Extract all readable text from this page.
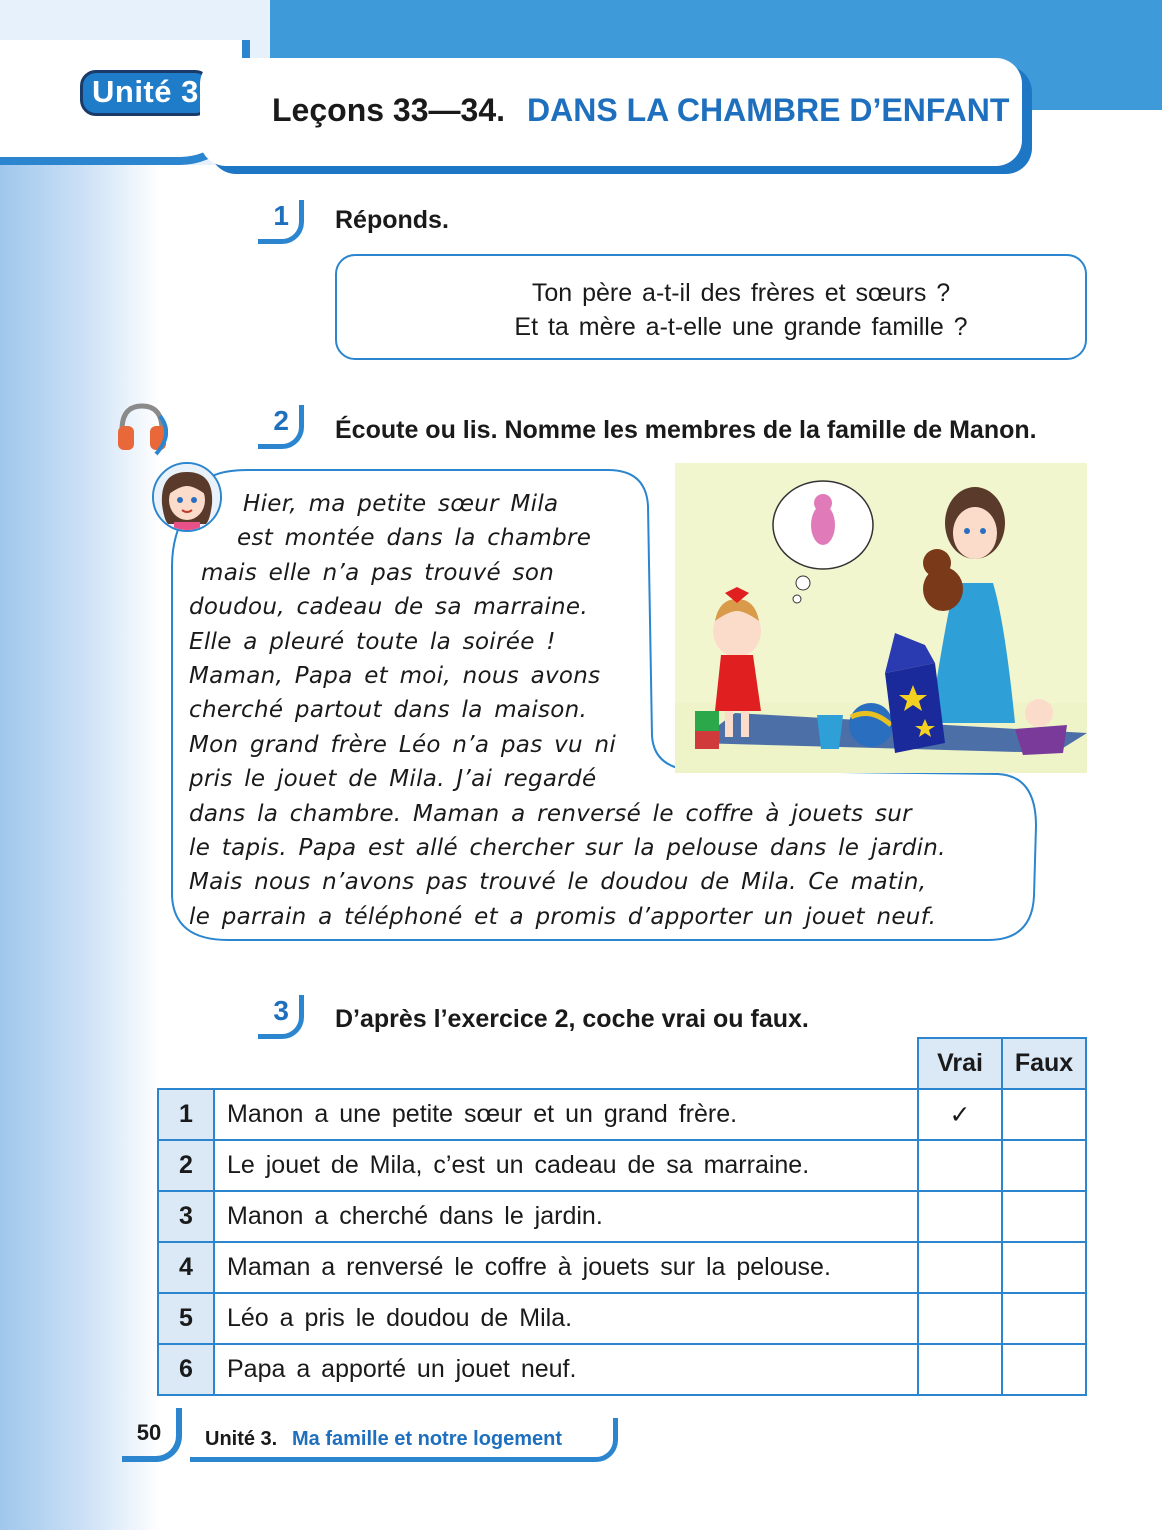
Unité 3
Leçons 33—34. DANS LA CHAMBRE D’ENFANT
1	Réponds.
Ton père a-t-il des frères et sœurs ?
Et ta mère a-t-elle une grande famille ?
2	Écoute ou lis. Nomme les membres de la famille de Manon.
Hier, ma petite sœur Mila
est montée dans la chambre
mais elle n’a pas trouvé son
doudou, cadeau de sa marraine.
Elle a pleuré toute la soirée !
Maman, Papa et moi, nous avons
cherché partout dans la maison.
Mon grand frère Léo n’a pas vu ni
pris le jouet de Mila. J’ai regardé
dans la chambre. Maman a renversé le coffre à jouets sur
le tapis. Papa est allé chercher sur la pelouse dans le jardin.
Mais nous n’avons pas trouvé le doudou de Mila. Ce matin,
le parrain a téléphoné et a promis d’apporter un jouet neuf.
3	D’après l’exercice 2, coche vrai ou faux.
		Vrai	Faux
1	Manon a une petite sœur et un grand frère.	✓	
2	Le jouet de Mila, c’est un cadeau de sa marraine.		
3	Manon a cherché dans le jardin.		
4	Maman a renversé le coffre à jouets sur la pelouse.		
5	Léo a pris le doudou de Mila.		
6	Papa a apporté un jouet neuf.		
50	Unité 3. Ma famille et notre logement
